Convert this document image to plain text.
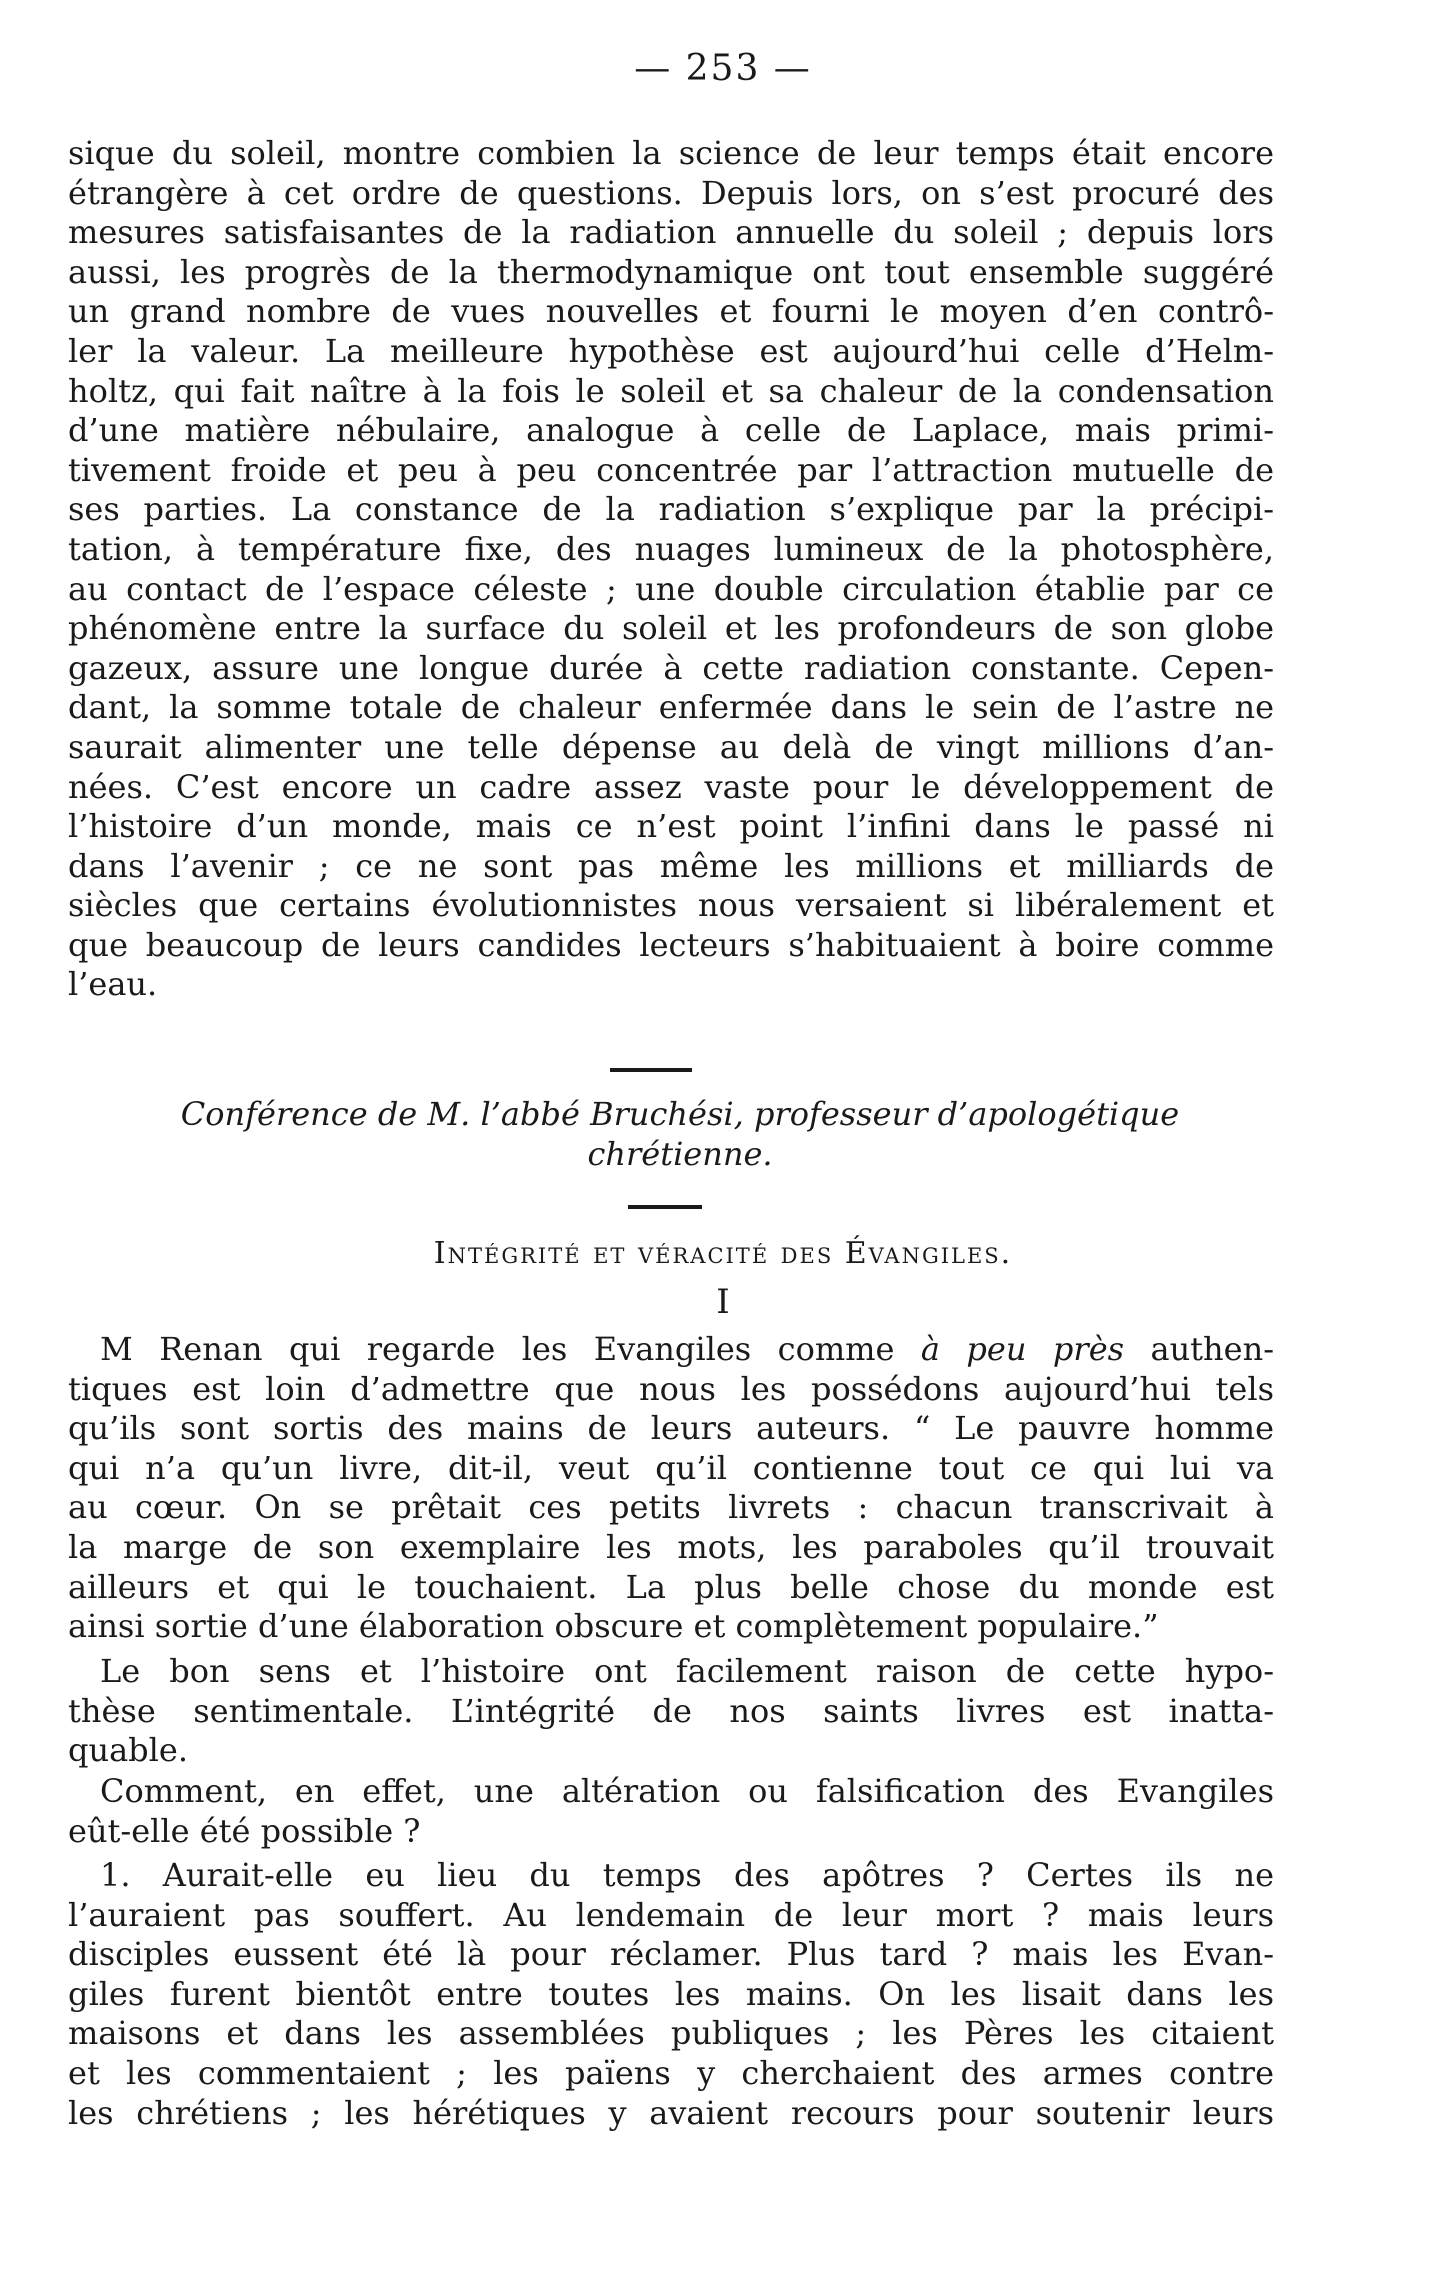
— 253 —
sique du soleil, montre combien la science de leur temps était encore
étrangère à cet ordre de questions. Depuis lors, on s’est procuré des
mesures satisfaisantes de la radiation annuelle du soleil ; depuis lors
aussi, les progrès de la thermodynamique ont tout ensemble suggéré
un grand nombre de vues nouvelles et fourni le moyen d’en contrô-
ler la valeur. La meilleure hypothèse est aujourd’hui celle d’Helm-
holtz, qui fait naître à la fois le soleil et sa chaleur de la condensation
d’une matière nébulaire, analogue à celle de Laplace, mais primi-
tivement froide et peu à peu concentrée par l’attraction mutuelle de
ses parties. La constance de la radiation s’explique par la précipi-
tation, à température fixe, des nuages lumineux de la photosphère,
au contact de l’espace céleste ; une double circulation établie par ce
phénomène entre la surface du soleil et les profondeurs de son globe
gazeux, assure une longue durée à cette radiation constante. Cepen-
dant, la somme totale de chaleur enfermée dans le sein de l’astre ne
saurait alimenter une telle dépense au delà de vingt millions d’an-
nées. C’est encore un cadre assez vaste pour le développement de
l’histoire d’un monde, mais ce n’est point l’infini dans le passé ni
dans l’avenir ; ce ne sont pas même les millions et milliards de
siècles que certains évolutionnistes nous versaient si libéralement et
que beaucoup de leurs candides lecteurs s’habituaient à boire comme
l’eau.
Conférence de M. l’abbé Bruchési, professeur d’apologétique
chrétienne.
Intégrité et véracité des Évangiles.
I
M Renan qui regarde les Evangiles comme à peu près authen-
tiques est loin d’admettre que nous les possédons aujourd’hui tels
qu’ils sont sortis des mains de leurs auteurs. “ Le pauvre homme
qui n’a qu’un livre, dit-il, veut qu’il contienne tout ce qui lui va
au cœur. On se prêtait ces petits livrets : chacun transcrivait à
la marge de son exemplaire les mots, les paraboles qu’il trouvait
ailleurs et qui le touchaient. La plus belle chose du monde est
ainsi sortie d’une élaboration obscure et complètement populaire.”
Le bon sens et l’histoire ont facilement raison de cette hypo-
thèse sentimentale. L’intégrité de nos saints livres est inatta-
quable.
Comment, en effet, une altération ou falsification des Evangiles
eût-elle été possible ?
1. Aurait-elle eu lieu du temps des apôtres ? Certes ils ne
l’auraient pas souffert. Au lendemain de leur mort ? mais leurs
disciples eussent été là pour réclamer. Plus tard ? mais les Evan-
giles furent bientôt entre toutes les mains. On les lisait dans les
maisons et dans les assemblées publiques ; les Pères les citaient
et les commentaient ; les païens y cherchaient des armes contre
les chrétiens ; les hérétiques y avaient recours pour soutenir leurs
